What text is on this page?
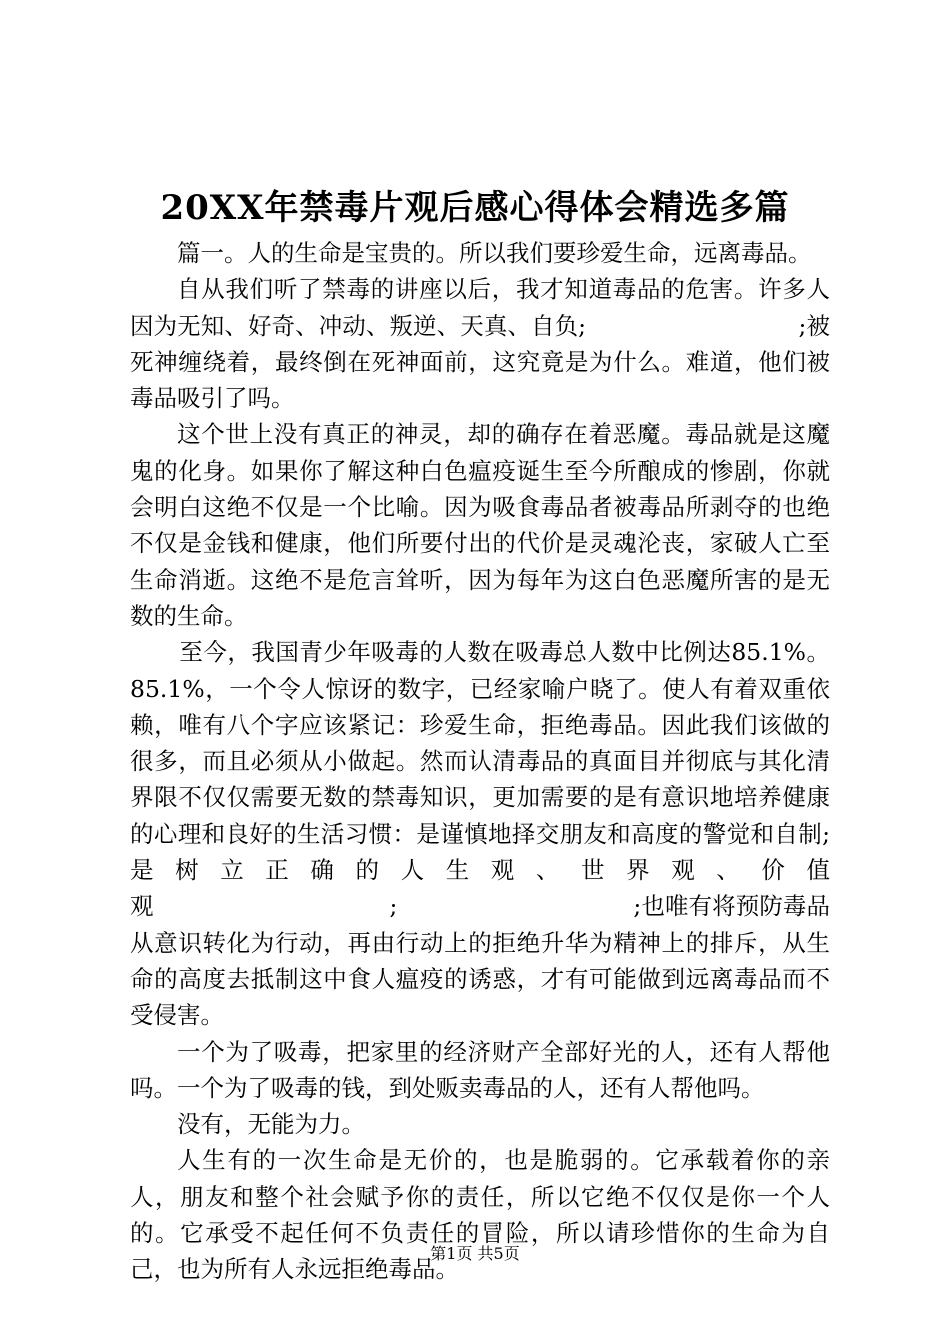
20XX年禁毒片观后感心得体会精选多篇

篇一。人的生命是宝贵的。所以我们要珍爱生命，远离毒品。

自从我们听了禁毒的讲座以后，我才知道毒品的危害。许多人因为无知、好奇、冲动、叛逆、天真、自负;　　　　　　　　　;被死神缠绕着，最终倒在死神面前，这究竟是为什么。难道，他们被毒品吸引了吗。

这个世上没有真正的神灵，却的确存在着恶魔。毒品就是这魔鬼的化身。如果你了解这种白色瘟疫诞生至今所酿成的惨剧，你就会明白这绝不仅是一个比喻。因为吸食毒品者被毒品所剥夺的也绝不仅是金钱和健康，他们所要付出的代价是灵魂沦丧，家破人亡至生命消逝。这绝不是危言耸听，因为每年为这白色恶魔所害的是无数的生命。

至今，我国青少年吸毒的人数在吸毒总人数中比例达85.1%。85.1%，一个令人惊讶的数字，已经家喻户晓了。使人有着双重依赖，唯有八个字应该紧记：珍爱生命，拒绝毒品。因此我们该做的很多，而且必须从小做起。然而认清毒品的真面目并彻底与其化清界限不仅仅需要无数的禁毒知识，更加需要的是有意识地培养健康的心理和良好的生活习惯：是谨慎地择交朋友和高度的警觉和自制;是树立正确的人生观、世界观、价值观　　　　　　　　　　;　　　　　　　　　　;也唯有将预防毒品从意识转化为行动，再由行动上的拒绝升华为精神上的排斥，从生命的高度去抵制这中食人瘟疫的诱惑，才有可能做到远离毒品而不受侵害。

一个为了吸毒，把家里的经济财产全部好光的人，还有人帮他吗。一个为了吸毒的钱，到处贩卖毒品的人，还有人帮他吗。

没有，无能为力。

人生有的一次生命是无价的，也是脆弱的。它承载着你的亲人，朋友和整个社会赋予你的责任，所以它绝不仅仅是你一个人的。它承受不起任何不负责任的冒险，所以请珍惜你的生命为自己，也为所有人永远拒绝毒品。

第1页 共5页
